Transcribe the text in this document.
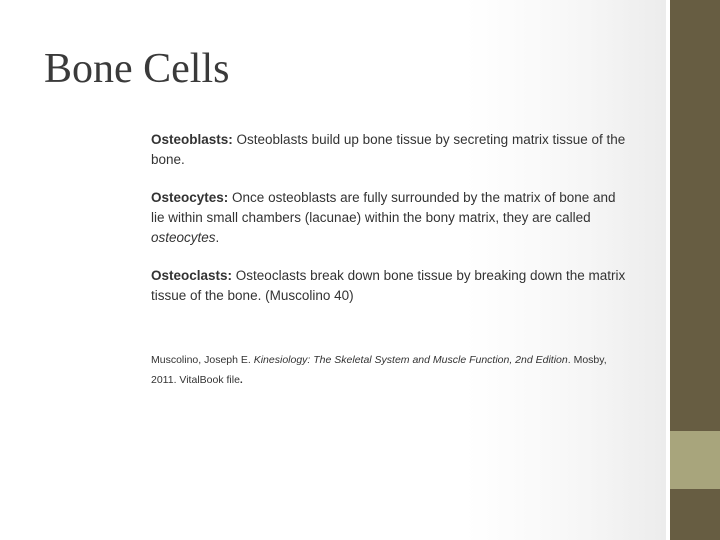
Bone Cells

Osteoblasts: Osteoblasts build up bone tissue by secreting matrix tissue of the bone.

Osteocytes: Once osteoblasts are fully surrounded by the matrix of bone and lie within small chambers (lacunae) within the bony matrix, they are called osteocytes.

Osteoclasts: Osteoclasts break down bone tissue by breaking down the matrix tissue of the bone. (Muscolino 40)

Muscolino, Joseph E. Kinesiology: The Skeletal System and Muscle Function, 2nd Edition. Mosby, 2011. VitalBook file.
